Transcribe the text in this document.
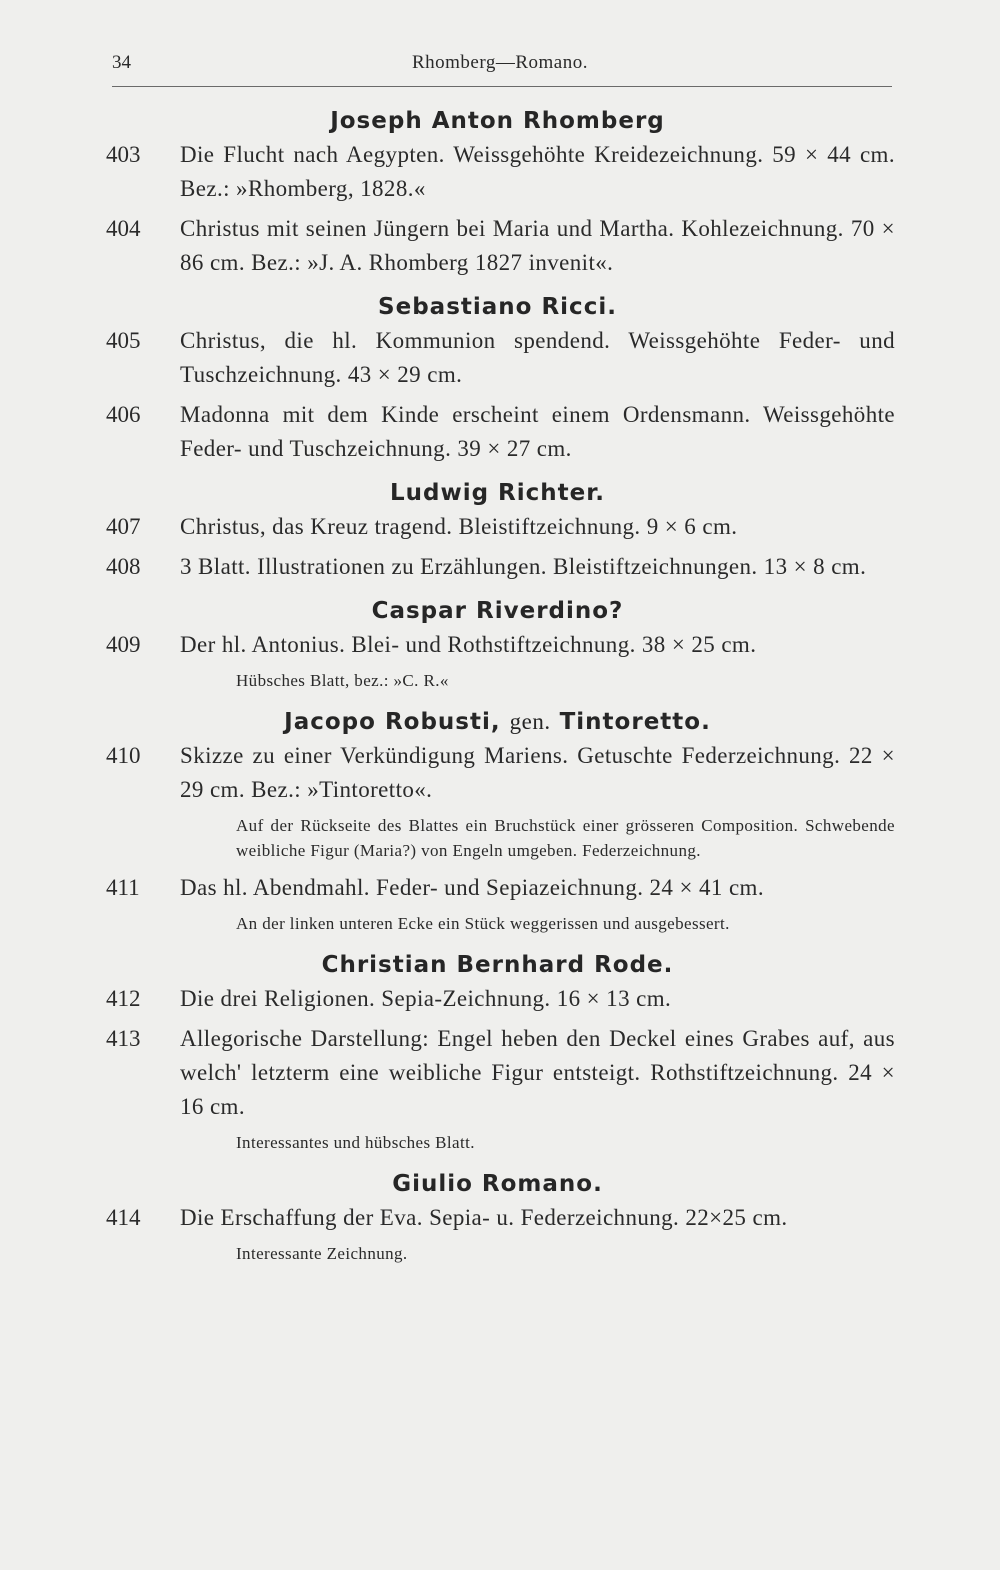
34	Rhomberg—Romano.
Joseph Anton Rhomberg
403	Die Flucht nach Aegypten. Weissgehöhte Kreidezeichnung. 59 × 44 cm. Bez.: »Rhomberg, 1828.«
404	Christus mit seinen Jüngern bei Maria und Martha. Kohlezeichnung. 70 × 86 cm. Bez.: »J. A. Rhomberg 1827 invenit«.
Sebastiano Ricci.
405	Christus, die hl. Kommunion spendend. Weissgehöhte Feder- und Tuschzeichnung. 43 × 29 cm.
406	Madonna mit dem Kinde erscheint einem Ordensmann. Weissgehöhte Feder- und Tuschzeichnung. 39 × 27 cm.
Ludwig Richter.
407	Christus, das Kreuz tragend. Bleistiftzeichnung. 9 × 6 cm.
408	3 Blatt. Illustrationen zu Erzählungen. Bleistiftzeichnungen. 13 × 8 cm.
Caspar Riverdino?
409	Der hl. Antonius. Blei- und Rothstiftzeichnung. 38 × 25 cm.
Hübsches Blatt, bez.: »C. R.«
Jacopo Robusti, gen. Tintoretto.
410	Skizze zu einer Verkündigung Mariens. Getuschte Federzeichnung. 22 × 29 cm. Bez.: »Tintoretto«.
Auf der Rückseite des Blattes ein Bruchstück einer grösseren Composition. Schwebende weibliche Figur (Maria?) von Engeln umgeben. Federzeichnung.
411	Das hl. Abendmahl. Feder- und Sepiazeichnung. 24 × 41 cm.
An der linken unteren Ecke ein Stück weggerissen und ausgebessert.
Christian Bernhard Rode.
412	Die drei Religionen. Sepia-Zeichnung. 16 × 13 cm.
413	Allegorische Darstellung: Engel heben den Deckel eines Grabes auf, aus welch' letzterm eine weibliche Figur entsteigt. Rothstiftzeichnung. 24 × 16 cm.
Interessantes und hübsches Blatt.
Giulio Romano.
414	Die Erschaffung der Eva. Sepia- u. Federzeichnung. 22×25 cm.
Interessante Zeichnung.
